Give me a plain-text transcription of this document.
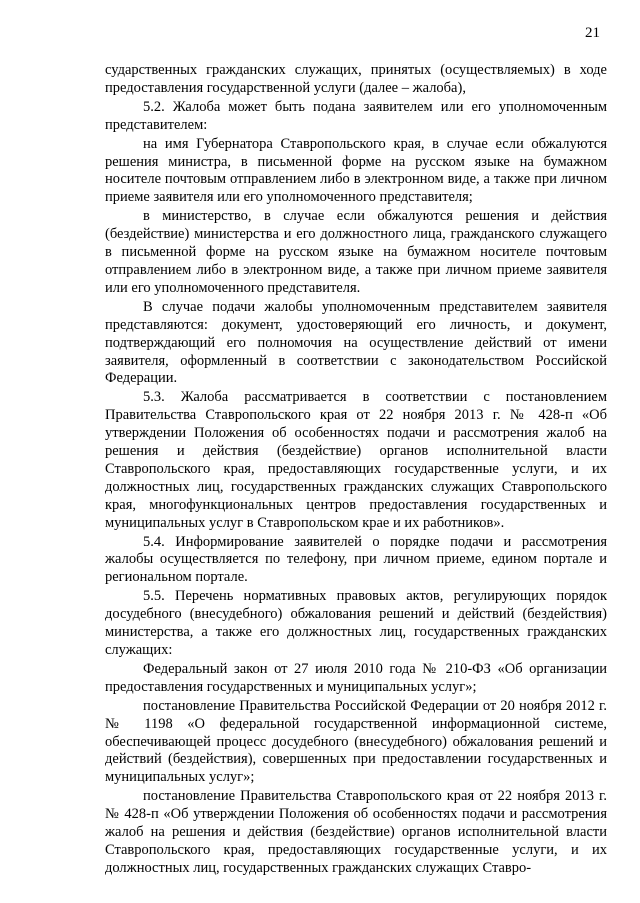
21

сударственных гражданских служащих, принятых (осуществляемых) в ходе предоставления государственной услуги (далее – жалоба),

5.2. Жалоба может быть подана заявителем или его уполномоченным представителем:

на имя Губернатора Ставропольского края, в случае если обжалуются решения министра, в письменной форме на русском языке на бумажном носителе почтовым отправлением либо в электронном виде, а также при личном приеме заявителя или его уполномоченного представителя;

в министерство, в случае если обжалуются решения и действия (бездействие) министерства и его должностного лица, гражданского служащего в письменной форме на русском языке на бумажном носителе почтовым отправлением либо в электронном виде, а также при личном приеме заявителя или его уполномоченного представителя.

В случае подачи жалобы уполномоченным представителем заявителя представляются: документ, удостоверяющий его личность, и документ, подтверждающий его полномочия на осуществление действий от имени заявителя, оформленный в соответствии с законодательством Российской Федерации.

5.3. Жалоба рассматривается в соответствии с постановлением Правительства Ставропольского края от 22 ноября 2013 г. № 428-п «Об утверждении Положения об особенностях подачи и рассмотрения жалоб на решения и действия (бездействие) органов исполнительной власти Ставропольского края, предоставляющих государственные услуги, и их должностных лиц, государственных гражданских служащих Ставропольского края, многофункциональных центров предоставления государственных и муниципальных услуг в Ставропольском крае и их работников».

5.4. Информирование заявителей о порядке подачи и рассмотрения жалобы осуществляется по телефону, при личном приеме, едином портале и региональном портале.

5.5. Перечень нормативных правовых актов, регулирующих порядок досудебного (внесудебного) обжалования решений и действий (бездействия) министерства, а также его должностных лиц, государственных гражданских служащих:

Федеральный закон от 27 июля 2010 года № 210-ФЗ «Об организации предоставления государственных и муниципальных услуг»;

постановление Правительства Российской Федерации от 20 ноября 2012 г. № 1198 «О федеральной государственной информационной системе, обеспечивающей процесс досудебного (внесудебного) обжалования решений и действий (бездействия), совершенных при предоставлении государственных и муниципальных услуг»;

постановление Правительства Ставропольского края от 22 ноября 2013 г. № 428-п «Об утверждении Положения об особенностях подачи и рассмотрения жалоб на решения и действия (бездействие) органов исполнительной власти Ставропольского края, предоставляющих государственные услуги, и их должностных лиц, государственных гражданских служащих Ставро-
